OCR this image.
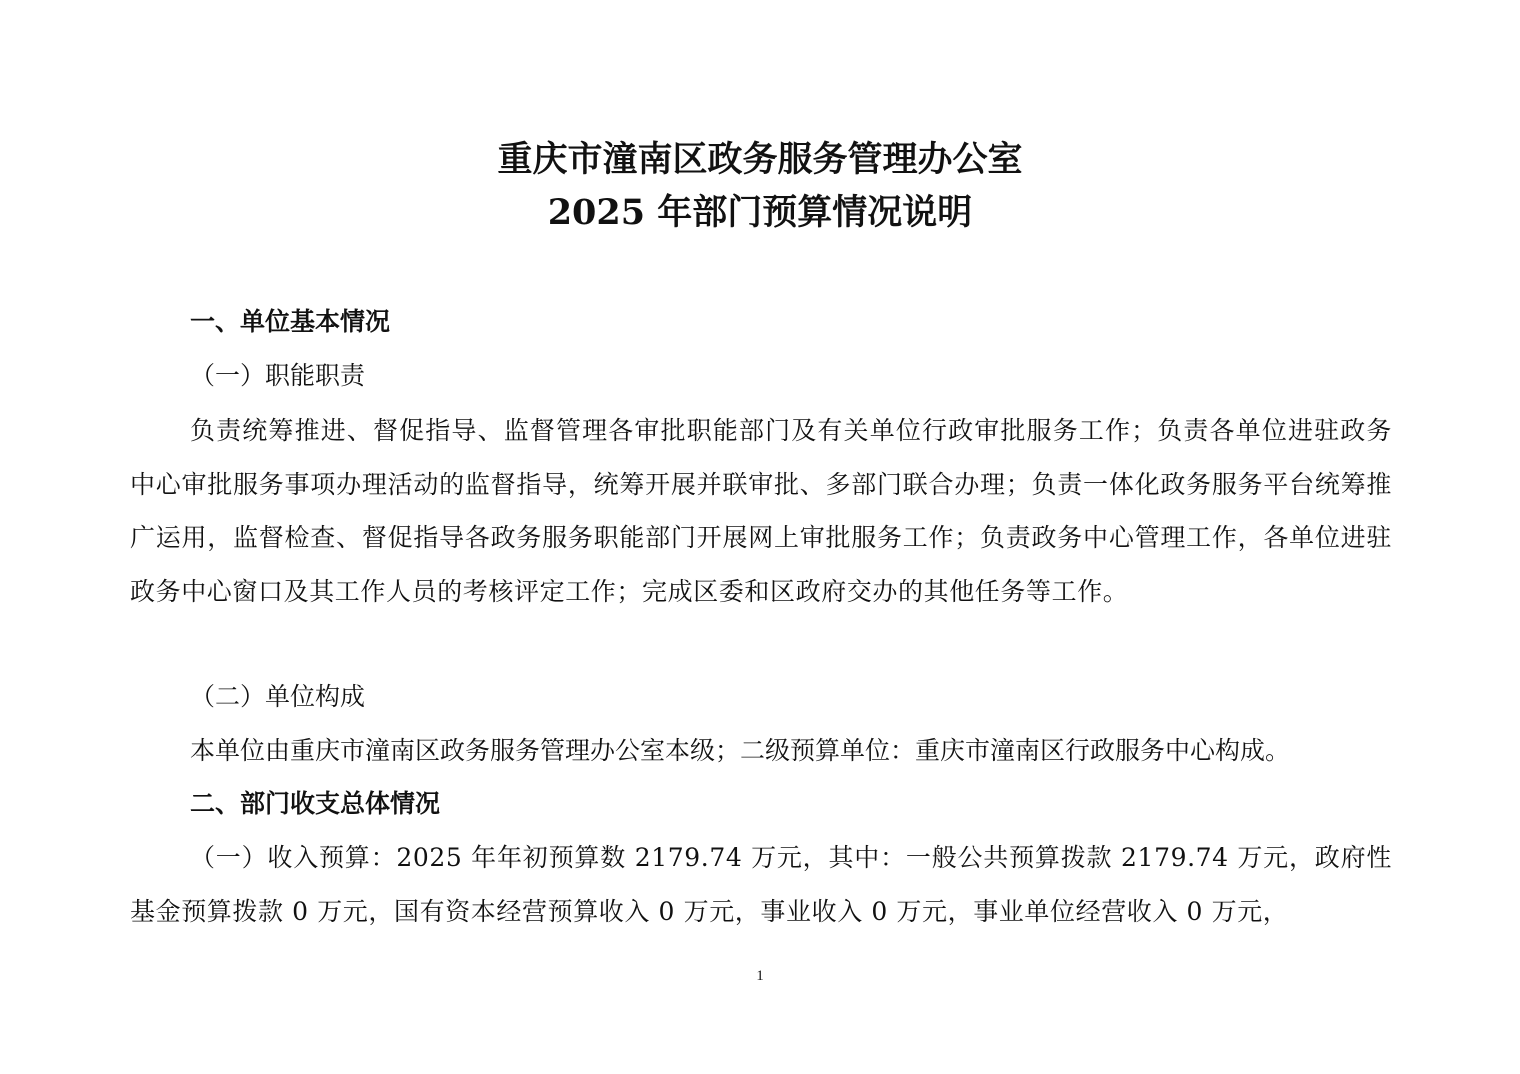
重庆市潼南区政务服务管理办公室
2025 年部门预算情况说明
一、单位基本情况
（一）职能职责
负责统筹推进、督促指导、监督管理各审批职能部门及有关单位行政审批服务工作；负责各单位进驻政务中心审批服务事项办理活动的监督指导，统筹开展并联审批、多部门联合办理；负责一体化政务服务平台统筹推广运用，监督检查、督促指导各政务服务职能部门开展网上审批服务工作；负责政务中心管理工作，各单位进驻政务中心窗口及其工作人员的考核评定工作；完成区委和区政府交办的其他任务等工作。
（二）单位构成
本单位由重庆市潼南区政务服务管理办公室本级；二级预算单位：重庆市潼南区行政服务中心构成。
二、部门收支总体情况
（一）收入预算：2025 年年初预算数 2179.74 万元，其中：一般公共预算拨款 2179.74 万元，政府性基金预算拨款 0 万元，国有资本经营预算收入 0 万元，事业收入 0 万元，事业单位经营收入 0 万元，
1
